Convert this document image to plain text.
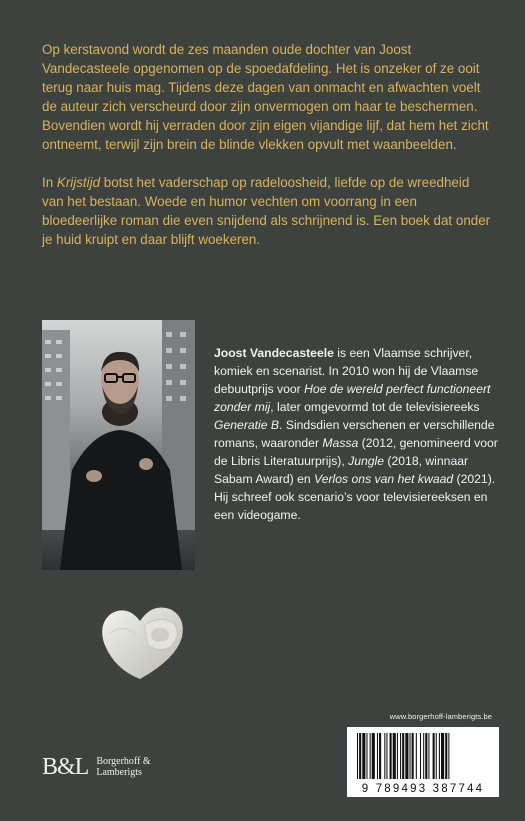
Op kerstavond wordt de zes maanden oude dochter van Joost Vandecasteele opgenomen op de spoedafdeling. Het is onzeker of ze ooit terug naar huis mag. Tijdens deze dagen van onmacht en afwachten voelt de auteur zich verscheurd door zijn onvermogen om haar te beschermen. Bovendien wordt hij verraden door zijn eigen vijandige lijf, dat hem het zicht ontneemt, terwijl zijn brein de blinde vlekken opvult met waanbeelden.

In Krijstijd botst het vaderschap op radeloosheid, liefde op de wreedheid van het bestaan. Woede en humor vechten om voorrang in een bloedeerlijke roman die even snijdend als schrijnend is. Een boek dat onder je huid kruipt en daar blijft woekeren.

Joost Vandecasteele is een Vlaamse schrijver, komiek en scenarist. In 2010 won hij de Vlaamse debuutprijs voor Hoe de wereld perfect functioneert zonder mij, later omgevormd tot de televisiereeks Generatie B. Sindsdien verschenen er verschillende romans, waaronder Massa (2012, genomineerd voor de Libris Literatuurprijs), Jungle (2018, winnaar Sabam Award) en Verlos ons van het kwaad (2021). Hij schreef ook scenario’s voor televisiereeksen en een videogame.

www.borgerhoff-lamberigts.be
B&L Borgerhoff &
Lamberigts
9 789493 387744
